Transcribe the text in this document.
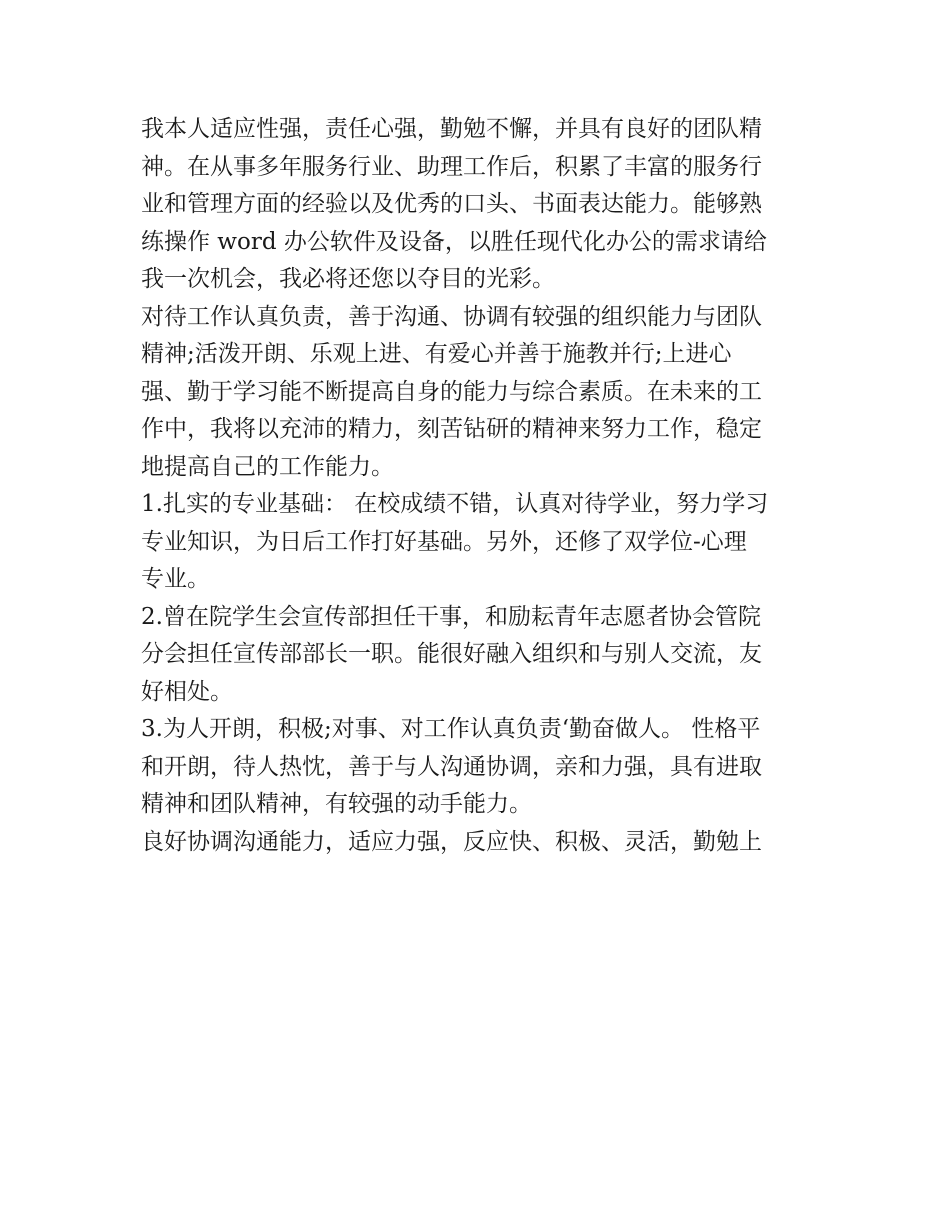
我本人适应性强，责任心强，勤勉不懈，并具有良好的团队精
神。在从事多年服务行业、助理工作后，积累了丰富的服务行
业和管理方面的经验以及优秀的口头、书面表达能力。能够熟
练操作 word 办公软件及设备，以胜任现代化办公的需求请给
我一次机会，我必将还您以夺目的光彩。
对待工作认真负责，善于沟通、协调有较强的组织能力与团队
精神;活泼开朗、乐观上进、有爱心并善于施教并行;上进心
强、勤于学习能不断提高自身的能力与综合素质。在未来的工
作中，我将以充沛的精力，刻苦钻研的精神来努力工作，稳定
地提高自己的工作能力。
1.扎实的专业基础： 在校成绩不错，认真对待学业，努力学习
专业知识，为日后工作打好基础。另外，还修了双学位-心理
专业。
2.曾在院学生会宣传部担任干事，和励耘青年志愿者协会管院
分会担任宣传部部长一职。能很好融入组织和与别人交流，友
好相处。
3.为人开朗，积极;对事、对工作认真负责‘勤奋做人。 性格平
和开朗，待人热忱，善于与人沟通协调，亲和力强，具有进取
精神和团队精神，有较强的动手能力。
良好协调沟通能力，适应力强，反应快、积极、灵活，勤勉上
